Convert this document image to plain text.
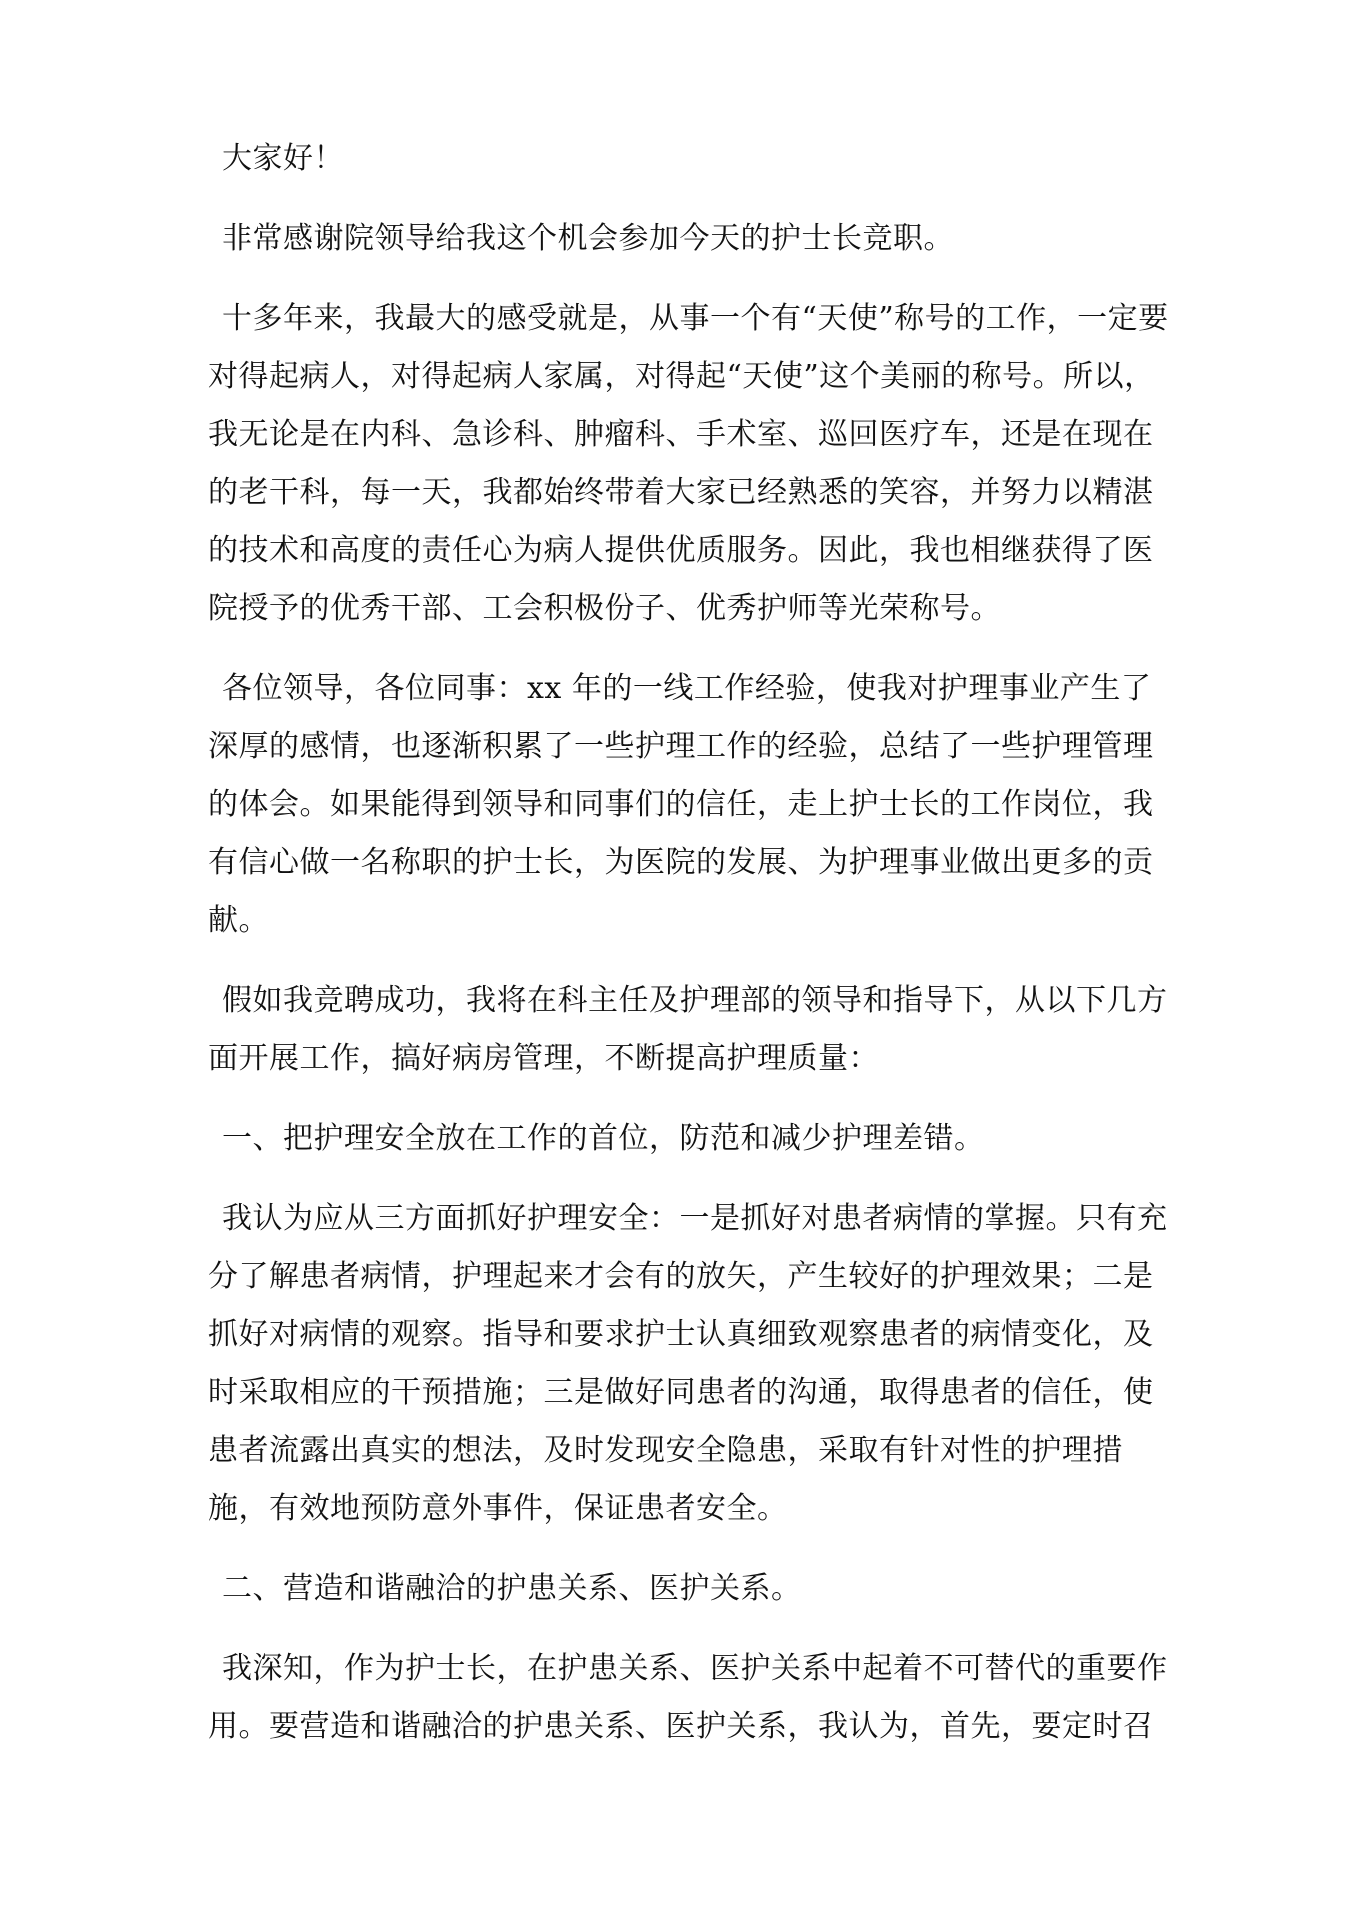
大家好！

非常感谢院领导给我这个机会参加今天的护士长竞职。

十多年来，我最大的感受就是，从事一个有“天使”称号的工作，一定要对得起病人，对得起病人家属，对得起“天使”这个美丽的称号。所以，我无论是在内科、急诊科、肿瘤科、手术室、巡回医疗车，还是在现在的老干科，每一天，我都始终带着大家已经熟悉的笑容，并努力以精湛的技术和高度的责任心为病人提供优质服务。因此，我也相继获得了医院授予的优秀干部、工会积极份子、优秀护师等光荣称号。

各位领导，各位同事：xx 年的一线工作经验，使我对护理事业产生了深厚的感情，也逐渐积累了一些护理工作的经验，总结了一些护理管理的体会。如果能得到领导和同事们的信任，走上护士长的工作岗位，我有信心做一名称职的护士长，为医院的发展、为护理事业做出更多的贡献。

假如我竞聘成功，我将在科主任及护理部的领导和指导下，从以下几方面开展工作，搞好病房管理，不断提高护理质量：

一、把护理安全放在工作的首位，防范和减少护理差错。

我认为应从三方面抓好护理安全：一是抓好对患者病情的掌握。只有充分了解患者病情，护理起来才会有的放矢，产生较好的护理效果；二是抓好对病情的观察。指导和要求护士认真细致观察患者的病情变化，及时采取相应的干预措施；三是做好同患者的沟通，取得患者的信任，使患者流露出真实的想法，及时发现安全隐患，采取有针对性的护理措施，有效地预防意外事件，保证患者安全。

二、营造和谐融洽的护患关系、医护关系。

我深知，作为护士长，在护患关系、医护关系中起着不可替代的重要作用。要营造和谐融洽的护患关系、医护关系，我认为，首先，要定时召
